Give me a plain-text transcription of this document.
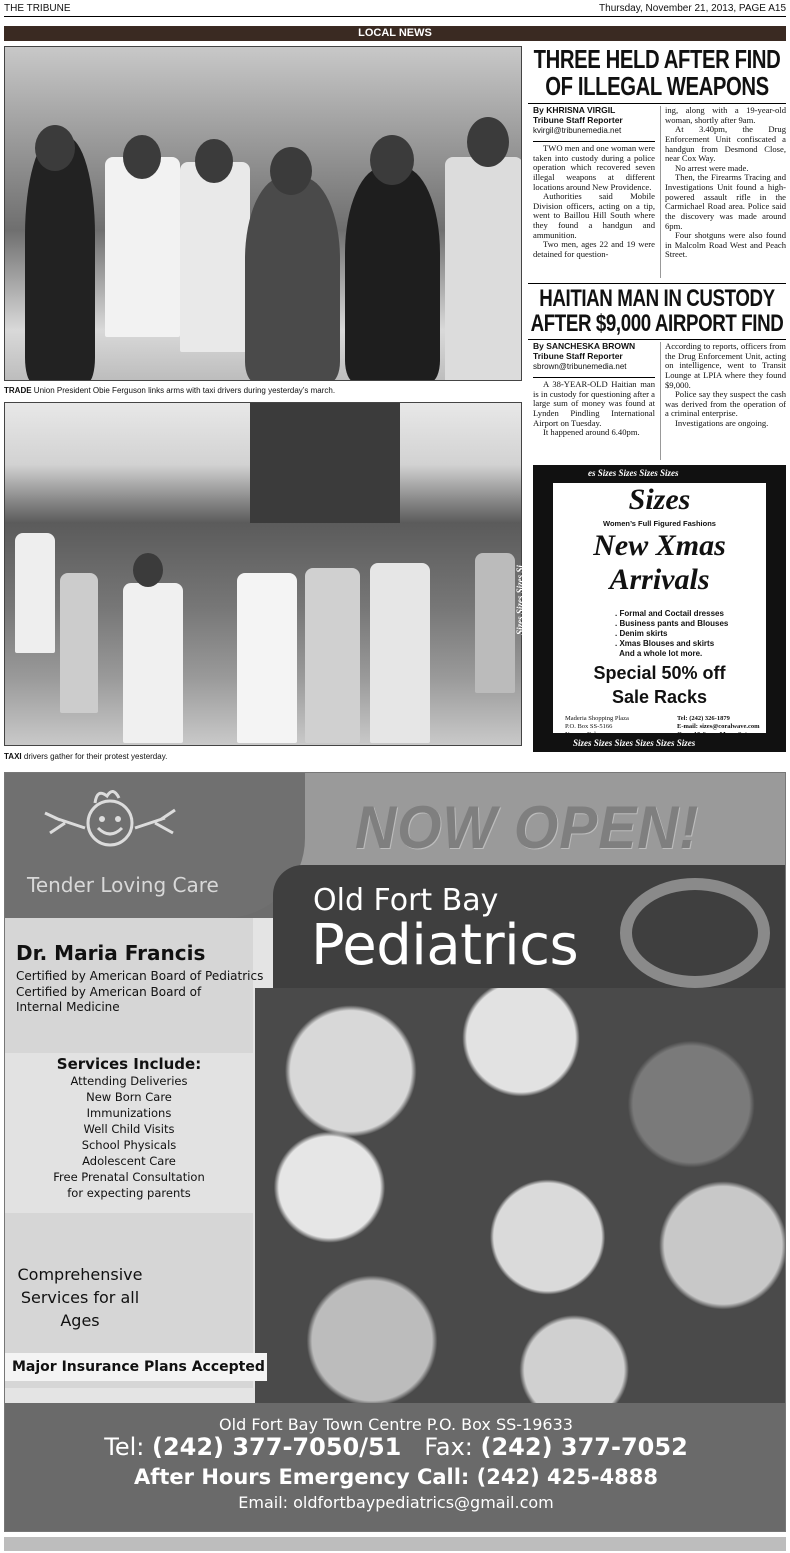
THE TRIBUNE	Thursday, November 21, 2013, PAGE A15
LOCAL NEWS
TRADE Union President Obie Ferguson links arms with taxi drivers during yesterday’s march.
TAXI drivers gather for their protest yesterday.
THREE HELD AFTER FIND
OF ILLEGAL WEAPONS
By KHRISNA VIRGIL
Tribune Staff Reporter
kvirgil@tribunemedia.net

TWO men and one woman were taken into custody during a police operation which recovered seven illegal weapons at different locations around New Providence.

Authorities said Mobile Division officers, acting on a tip, went to Baillou Hill South where they found a handgun and ammunition.

Two men, ages 22 and 19 were detained for question-

ing, along with a 19-year-old woman, shortly after 9am.

At 3.40pm, the Drug Enforcement Unit confiscated a handgun from Desmond Close, near Cox Way.

No arrest were made.

Then, the Firearms Tracing and Investigations Unit found a high-powered assault rifle in the Carmichael Road area. Police said the discovery was made around 6pm.

Four shotguns were also found in Malcolm Road West and Peach Street.

HAITIAN MAN IN CUSTODY
AFTER $9,000 AIRPORT FIND
By SANCHESKA BROWN
Tribune Staff Reporter
sbrown@tribunemedia.net

A 38-YEAR-OLD Haitian man is in custody for questioning after a large sum of money was found at Lynden Pindling International Airport on Tuesday.

It happened around 6.40pm.

According to reports, officers from the Drug Enforcement Unit, acting on intelligence, went to Transit Lounge at LPIA where they found $9,000.

Police say they suspect the cash was derived from the operation of a criminal enterprise.

Investigations are ongoing.

es Sizes Sizes Sizes Sizes
Sizes Sizes Sizes Sizes Sizes Sizes
Sizes Sizes Sizes Si
Sizes
Women’s Full Figured Fashions
New Xmas
Arrivals
. Formal and Coctail dresses
. Business pants and Blouses
. Denim skirts
. Xmas Blouses and skirts
And a whole lot more.
Special 50% off
Sale Racks
Maderia Shopping Plaza
P.O. Box SS-5166
Nassau, Bahamas
Tel: (242) 326-1879
E-mail: sizes@coralwave.com
Open 10-6pm   Mon - Sat
NOW OPEN!
Tender Loving Care	Old Fort Bay
Pediatrics
Dr. Maria Francis
Certified by American Board of Pediatrics
Certified by American Board of
Internal Medicine
Services Include:
Attending Deliveries
New Born Care
Immunizations
Well Child Visits
School Physicals
Adolescent Care
Free Prenatal Consultation
for expecting parents
Comprehensive
Services for all
Ages
Major Insurance Plans Accepted
Old Fort Bay Town Centre P.O. Box SS-19633
Tel: (242) 377-7050/51   Fax: (242) 377-7052
After Hours Emergency Call: (242) 425-4888
Email: oldfortbaypediatrics@gmail.com
